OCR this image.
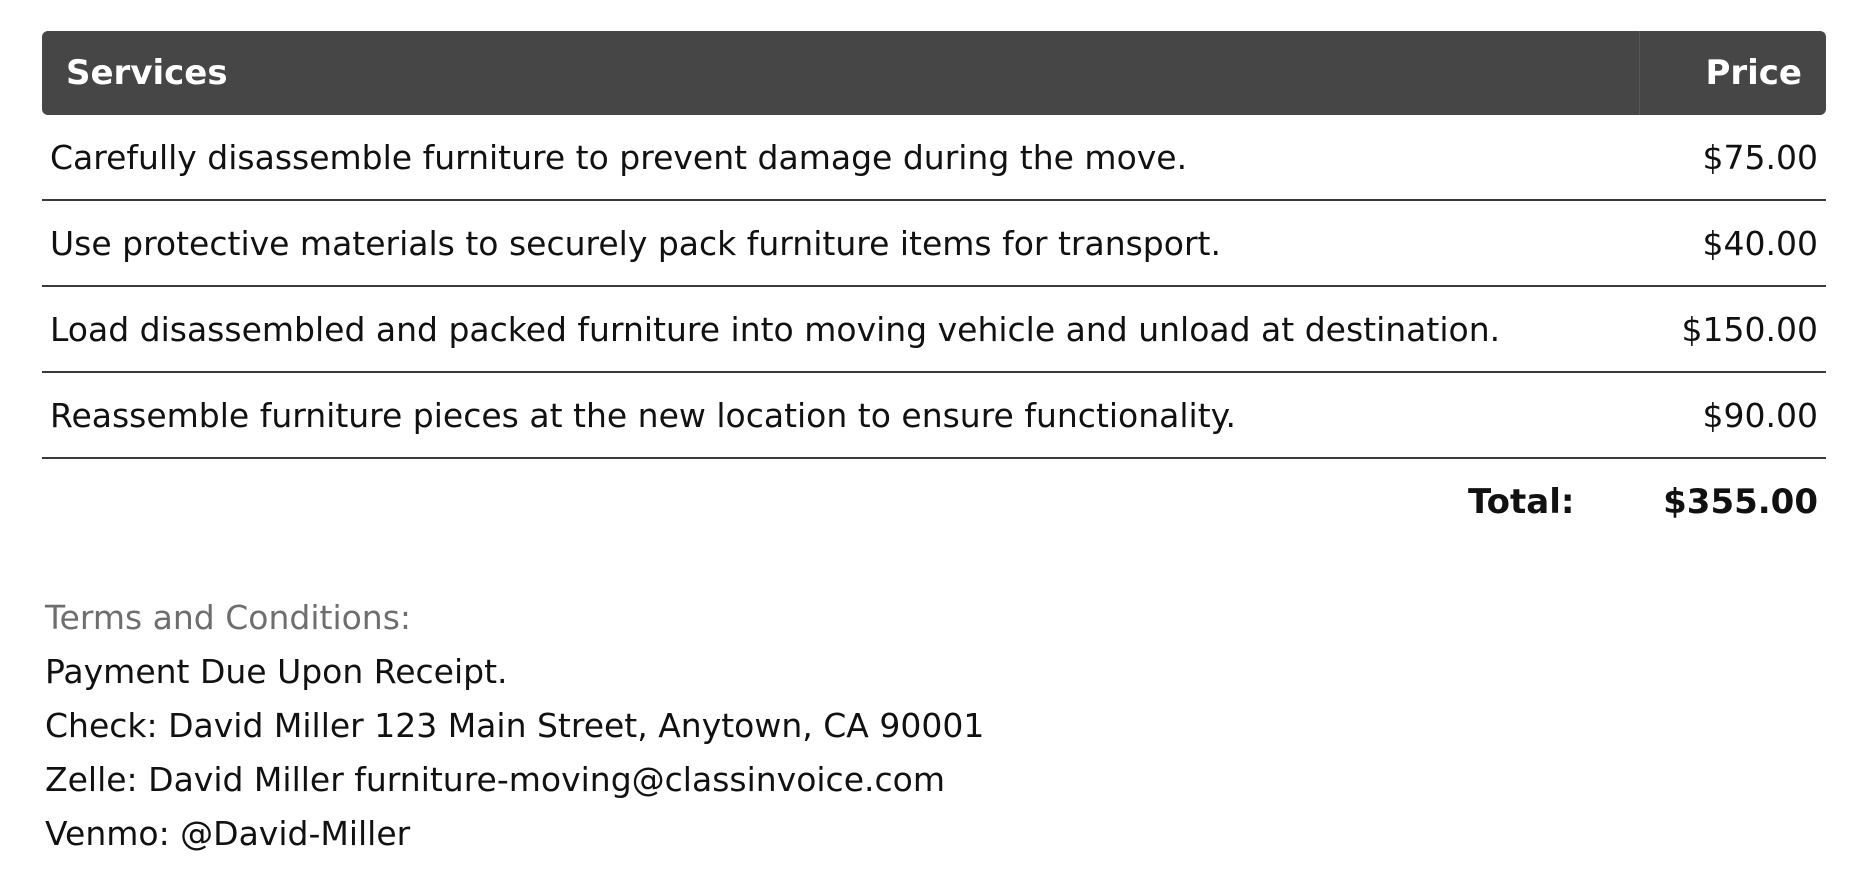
Services	Price
Carefully disassemble furniture to prevent damage during the move.	$75.00
Use protective materials to securely pack furniture items for transport.	$40.00
Load disassembled and packed furniture into moving vehicle and unload at destination.	$150.00
Reassemble furniture pieces at the new location to ensure functionality.	$90.00
Total:	$355.00
Terms and Conditions:
Payment Due Upon Receipt.
Check: David Miller 123 Main Street, Anytown, CA 90001
Zelle: David Miller furniture-moving@classinvoice.com
Venmo: @David-Miller
